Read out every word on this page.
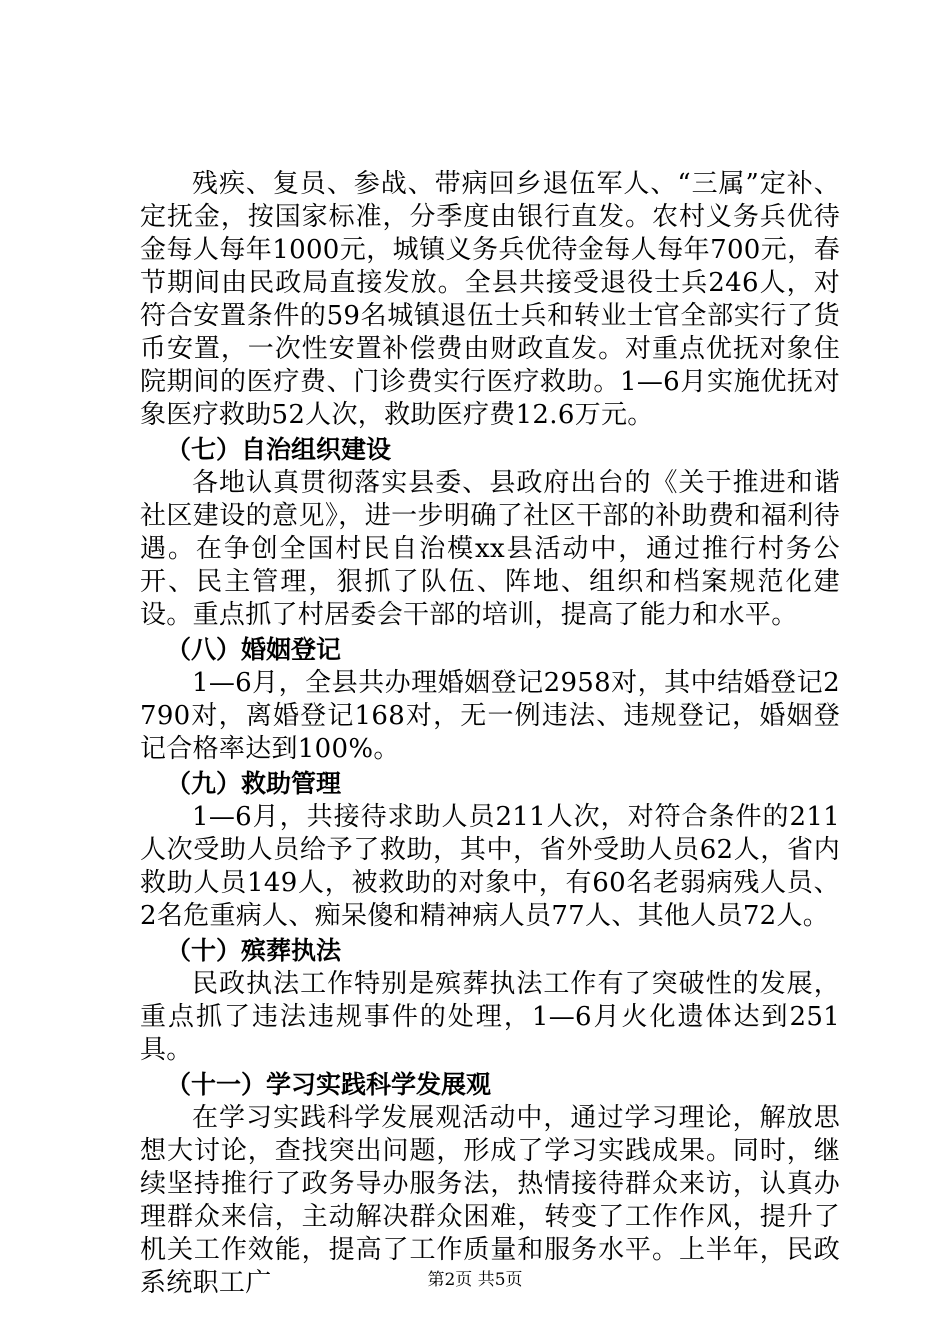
残疾、复员、参战、带病回乡退伍军人、“三属”定补、定抚金，按国家标准，分季度由银行直发。农村义务兵优待金每人每年1000元，城镇义务兵优待金每人每年700元，春节期间由民政局直接发放。全县共接受退役士兵246人，对符合安置条件的59名城镇退伍士兵和转业士官全部实行了货币安置，一次性安置补偿费由财政直发。对重点优抚对象住院期间的医疗费、门诊费实行医疗救助。1—6月实施优抚对象医疗救助52人次，救助医疗费12.6万元。

（七）自治组织建设

各地认真贯彻落实县委、县政府出台的《关于推进和谐社区建设的意见》，进一步明确了社区干部的补助费和福利待遇。在争创全国村民自治模xx县活动中，通过推行村务公开、民主管理，狠抓了队伍、阵地、组织和档案规范化建设。重点抓了村居委会干部的培训，提高了能力和水平。

（八）婚姻登记

1—6月，全县共办理婚姻登记2958对，其中结婚登记2790对，离婚登记168对，无一例违法、违规登记，婚姻登记合格率达到100%。

（九）救助管理

1—6月，共接待求助人员211人次，对符合条件的211人次受助人员给予了救助，其中，省外受助人员62人，省内救助人员149人，被救助的对象中，有60名老弱病残人员、2名危重病人、痴呆傻和精神病人员77人、其他人员72人。

（十）殡葬执法

民政执法工作特别是殡葬执法工作有了突破性的发展，重点抓了违法违规事件的处理，1—6月火化遗体达到251具。

（十一）学习实践科学发展观

在学习实践科学发展观活动中，通过学习理论，解放思想大讨论，查找突出问题，形成了学习实践成果。同时，继续坚持推行了政务导办服务法，热情接待群众来访，认真办理群众来信，主动解决群众困难，转变了工作作风，提升了机关工作效能，提高了工作质量和服务水平。上半年，民政系统职工广	第2页 共5页
